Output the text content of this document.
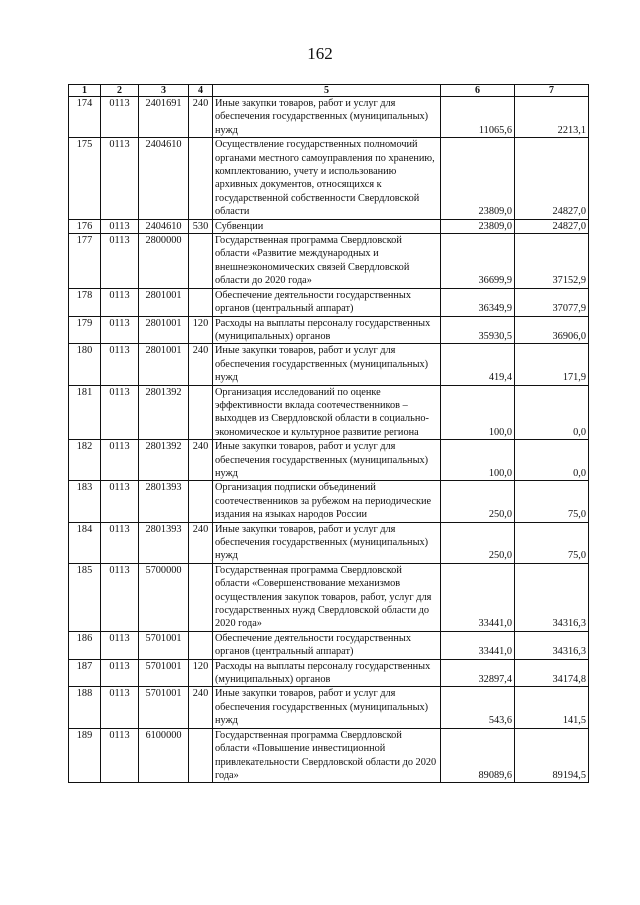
162
1	2	3	4	5	6	7
174	0113	2401691	240	Иные закупки товаров, работ и услуг для обеспечения государственных (муниципальных) нужд	11065,6	2213,1
175	0113	2404610		Осуществление государственных полномочий органами местного самоуправления по хранению, комплектованию, учету и использованию архивных документов, относящихся к государственной собственности Свердловской области	23809,0	24827,0
176	0113	2404610	530	Субвенции	23809,0	24827,0
177	0113	2800000		Государственная программа Свердловской области «Развитие международных и внешнеэкономических связей Свердловской области до 2020 года»	36699,9	37152,9
178	0113	2801001		Обеспечение деятельности государственных органов (центральный аппарат)	36349,9	37077,9
179	0113	2801001	120	Расходы на выплаты персоналу государственных (муниципальных) органов	35930,5	36906,0
180	0113	2801001	240	Иные закупки товаров, работ и услуг для обеспечения государственных (муниципальных) нужд	419,4	171,9
181	0113	2801392		Организация исследований по оценке эффективности вклада соотечественников – выходцев из Свердловской области в социально-экономическое и культурное развитие региона	100,0	0,0
182	0113	2801392	240	Иные закупки товаров, работ и услуг для обеспечения государственных (муниципальных) нужд	100,0	0,0
183	0113	2801393		Организация подписки объединений соотечественников за рубежом на периодические издания на языках народов России	250,0	75,0
184	0113	2801393	240	Иные закупки товаров, работ и услуг для обеспечения государственных (муниципальных) нужд	250,0	75,0
185	0113	5700000		Государственная программа Свердловской области «Совершенствование механизмов осуществления закупок товаров, работ, услуг для государственных нужд Свердловской области до 2020 года»	33441,0	34316,3
186	0113	5701001		Обеспечение деятельности государственных органов (центральный аппарат)	33441,0	34316,3
187	0113	5701001	120	Расходы на выплаты персоналу государственных (муниципальных) органов	32897,4	34174,8
188	0113	5701001	240	Иные закупки товаров, работ и услуг для обеспечения государственных (муниципальных) нужд	543,6	141,5
189	0113	6100000		Государственная программа Свердловской области «Повышение инвестиционной привлекательности Свердловской области до 2020 года»	89089,6	89194,5
